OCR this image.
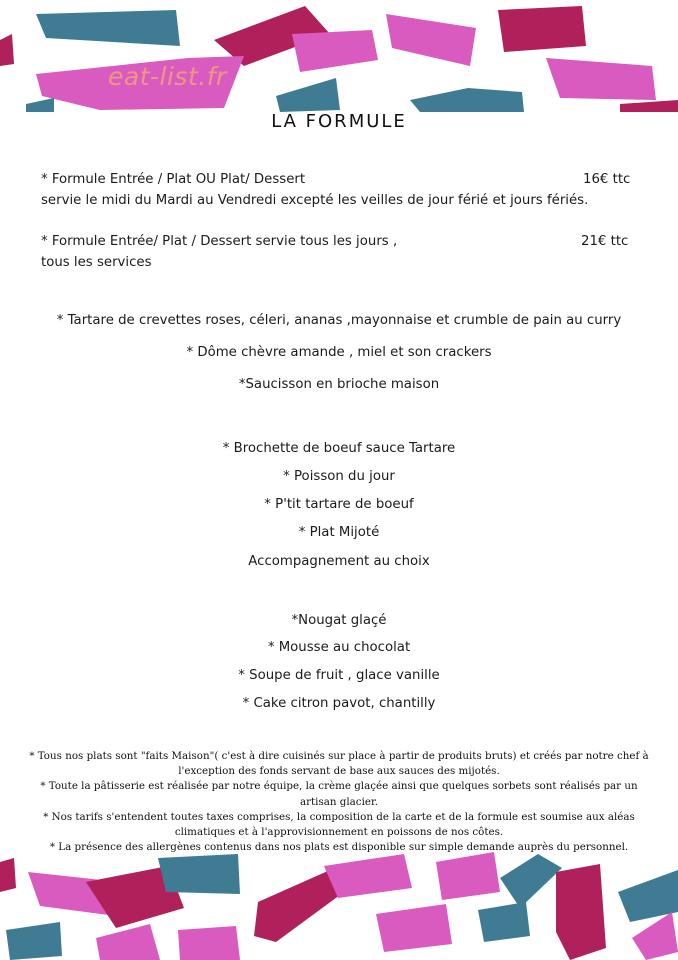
eat-list.fr
LA FORMULE
* Formule Entrée / Plat OU Plat/ Dessert	16€ ttc
servie le midi du Mardi au Vendredi excepté les veilles de jour férié et jours fériés.
* Formule Entrée/ Plat / Dessert servie tous les jours ,	21€ ttc
tous les services
* Tartare de crevettes roses, céleri, ananas ,mayonnaise et crumble de pain au curry
* Dôme chèvre amande , miel et son crackers
*Saucisson en brioche maison
* Brochette de boeuf sauce Tartare
* Poisson du jour
* P'tit tartare de boeuf
* Plat Mijoté
Accompagnement au choix
*Nougat glaçé
* Mousse au chocolat
* Soupe de fruit , glace vanille
* Cake citron pavot, chantilly

* Tous nos plats sont "faits Maison"( c'est à dire cuisinés sur place à partir de produits bruts) et créés par notre chef à l'exception des fonds servant de base aux sauces des mijotés.

* Toute la pâtisserie est réalisée par notre équipe, la crème glaçée ainsi que quelques sorbets sont réalisés par un artisan glacier.

* Nos tarifs s'entendent toutes taxes comprises, la composition de la carte et de la formule est soumise aux aléas climatiques et à l'approvisionnement en poissons de nos côtes.

* La présence des allergènes contenus dans nos plats est disponible sur simple demande auprès du personnel.
